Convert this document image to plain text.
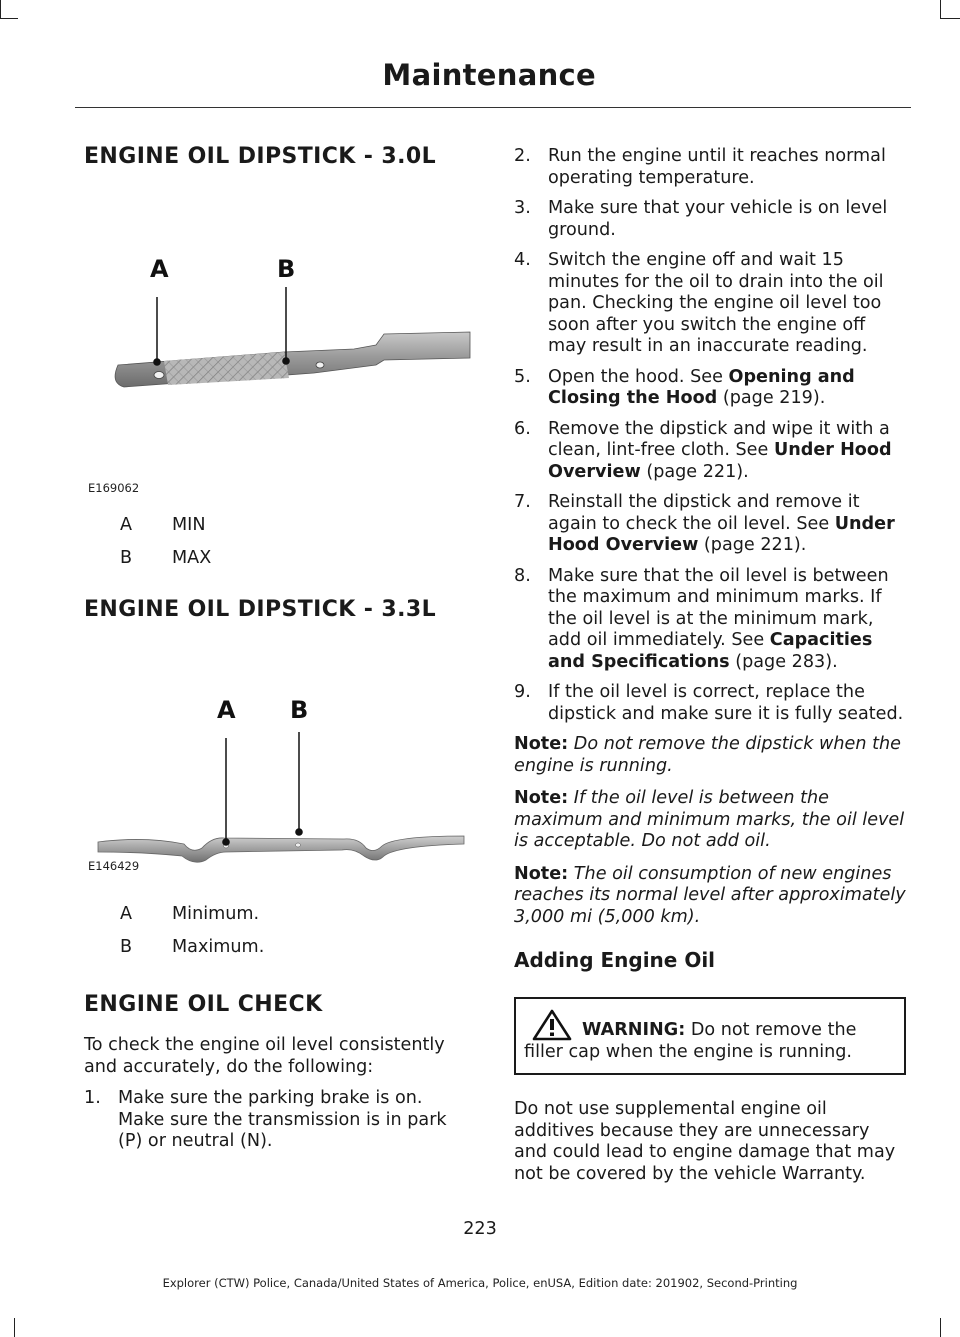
Maintenance
ENGINE OIL DIPSTICK - 3.0L
A	B
E169062
A	MIN
B	MAX
ENGINE OIL DIPSTICK - 3.3L
A B
E146429
A	Minimum.
B	Maximum.
ENGINE OIL CHECK

To check the engine oil level consistently and accurately, do the following:

1. Make sure the parking brake is on. Make sure the transmission is in park (P) or neutral (N).
2. Run the engine until it reaches normal operating temperature.
3. Make sure that your vehicle is on level ground.
4. Switch the engine off and wait 15 minutes for the oil to drain into the oil pan. Checking the engine oil level too soon after you switch the engine off may result in an inaccurate reading.
5. Open the hood. See Opening and Closing the Hood (page 219).
6. Remove the dipstick and wipe it with a clean, lint-free cloth. See Under Hood Overview (page 221).
7. Reinstall the dipstick and remove it again to check the oil level. See Under Hood Overview (page 221).
8. Make sure that the oil level is between the maximum and minimum marks. If the oil level is at the minimum mark, add oil immediately. See Capacities and Specifications (page 283).
9. If the oil level is correct, replace the dipstick and make sure it is fully seated.

Note: Do not remove the dipstick when the engine is running.

Note: If the oil level is between the maximum and minimum marks, the oil level is acceptable. Do not add oil.

Note: The oil consumption of new engines reaches its normal level after approximately 3,000 mi (5,000 km).

Adding Engine Oil
WARNING: Do not remove the filler cap when the engine is running.

Do not use supplemental engine oil additives because they are unnecessary and could lead to engine damage that may not be covered by the vehicle Warranty.

223
Explorer (CTW) Police, Canada/United States of America, Police, enUSA, Edition date: 201902, Second-Printing
